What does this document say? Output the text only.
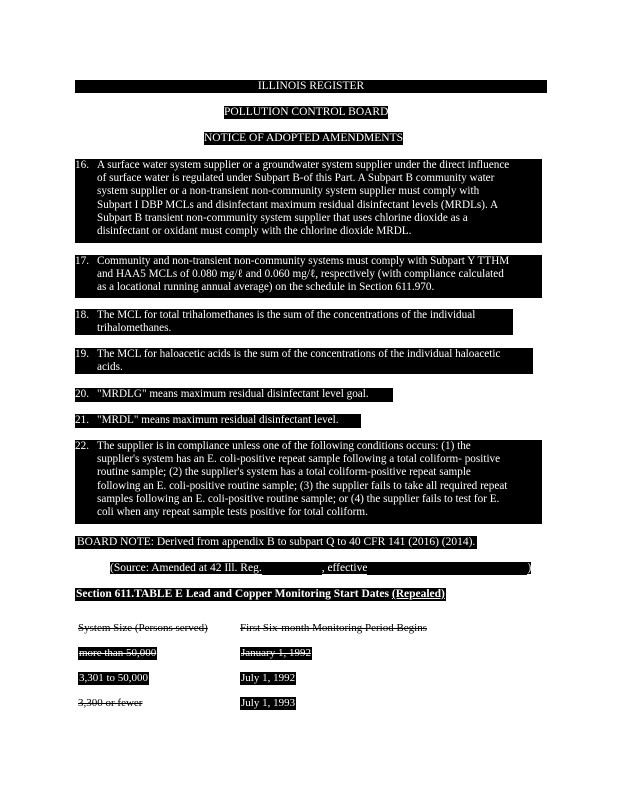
ILLINOIS REGISTER
POLLUTION CONTROL BOARD
NOTICE OF ADOPTED AMENDMENTS
16. A surface water system supplier or a groundwater system supplier under the direct influence
of surface water is regulated under Subpart B-of this Part. A Subpart B community water
system supplier or a non-transient non-community system supplier must comply with
Subpart I DBP MCLs and disinfectant maximum residual disinfectant levels (MRDLs). A
Subpart B transient non-community system supplier that uses chlorine dioxide as a
disinfectant or oxidant must comply with the chlorine dioxide MRDL.
17. Community and non-transient non-community systems must comply with Subpart Y TTHM
and HAA5 MCLs of 0.080 mg/ℓ and 0.060 mg/ℓ, respectively (with compliance calculated
as a locational running annual average) on the schedule in Section 611.970.
18. The MCL for total trihalomethanes is the sum of the concentrations of the individual
trihalomethanes.
19. The MCL for haloacetic acids is the sum of the concentrations of the individual haloacetic
acids.
20. "MRDLG" means maximum residual disinfectant level goal.
21. "MRDL" means maximum residual disinfectant level.
22. The supplier is in compliance unless one of the following conditions occurs: (1) the
supplier's system has an E. coli-positive repeat sample following a total coliform- positive
routine sample; (2) the supplier's system has a total coliform-positive repeat sample
following an E. coli-positive routine sample; (3) the supplier fails to take all required repeat
samples following an E. coli-positive routine sample; or (4) the supplier fails to test for E.
coli when any repeat sample tests positive for total coliform.
BOARD NOTE: Derived from appendix B to subpart Q to 40 CFR 141 (2016) (2014).
(Source: Amended at 42 Ill. Reg.	, effective	)
Section 611.TABLE E Lead and Copper Monitoring Start Dates (Repealed)
System Size (Persons served)	First Six-month Monitoring Period Begins
more than 50,000	January 1, 1992
3,301 to 50,000	July 1, 1992
3,300 or fewer	July 1, 1993
